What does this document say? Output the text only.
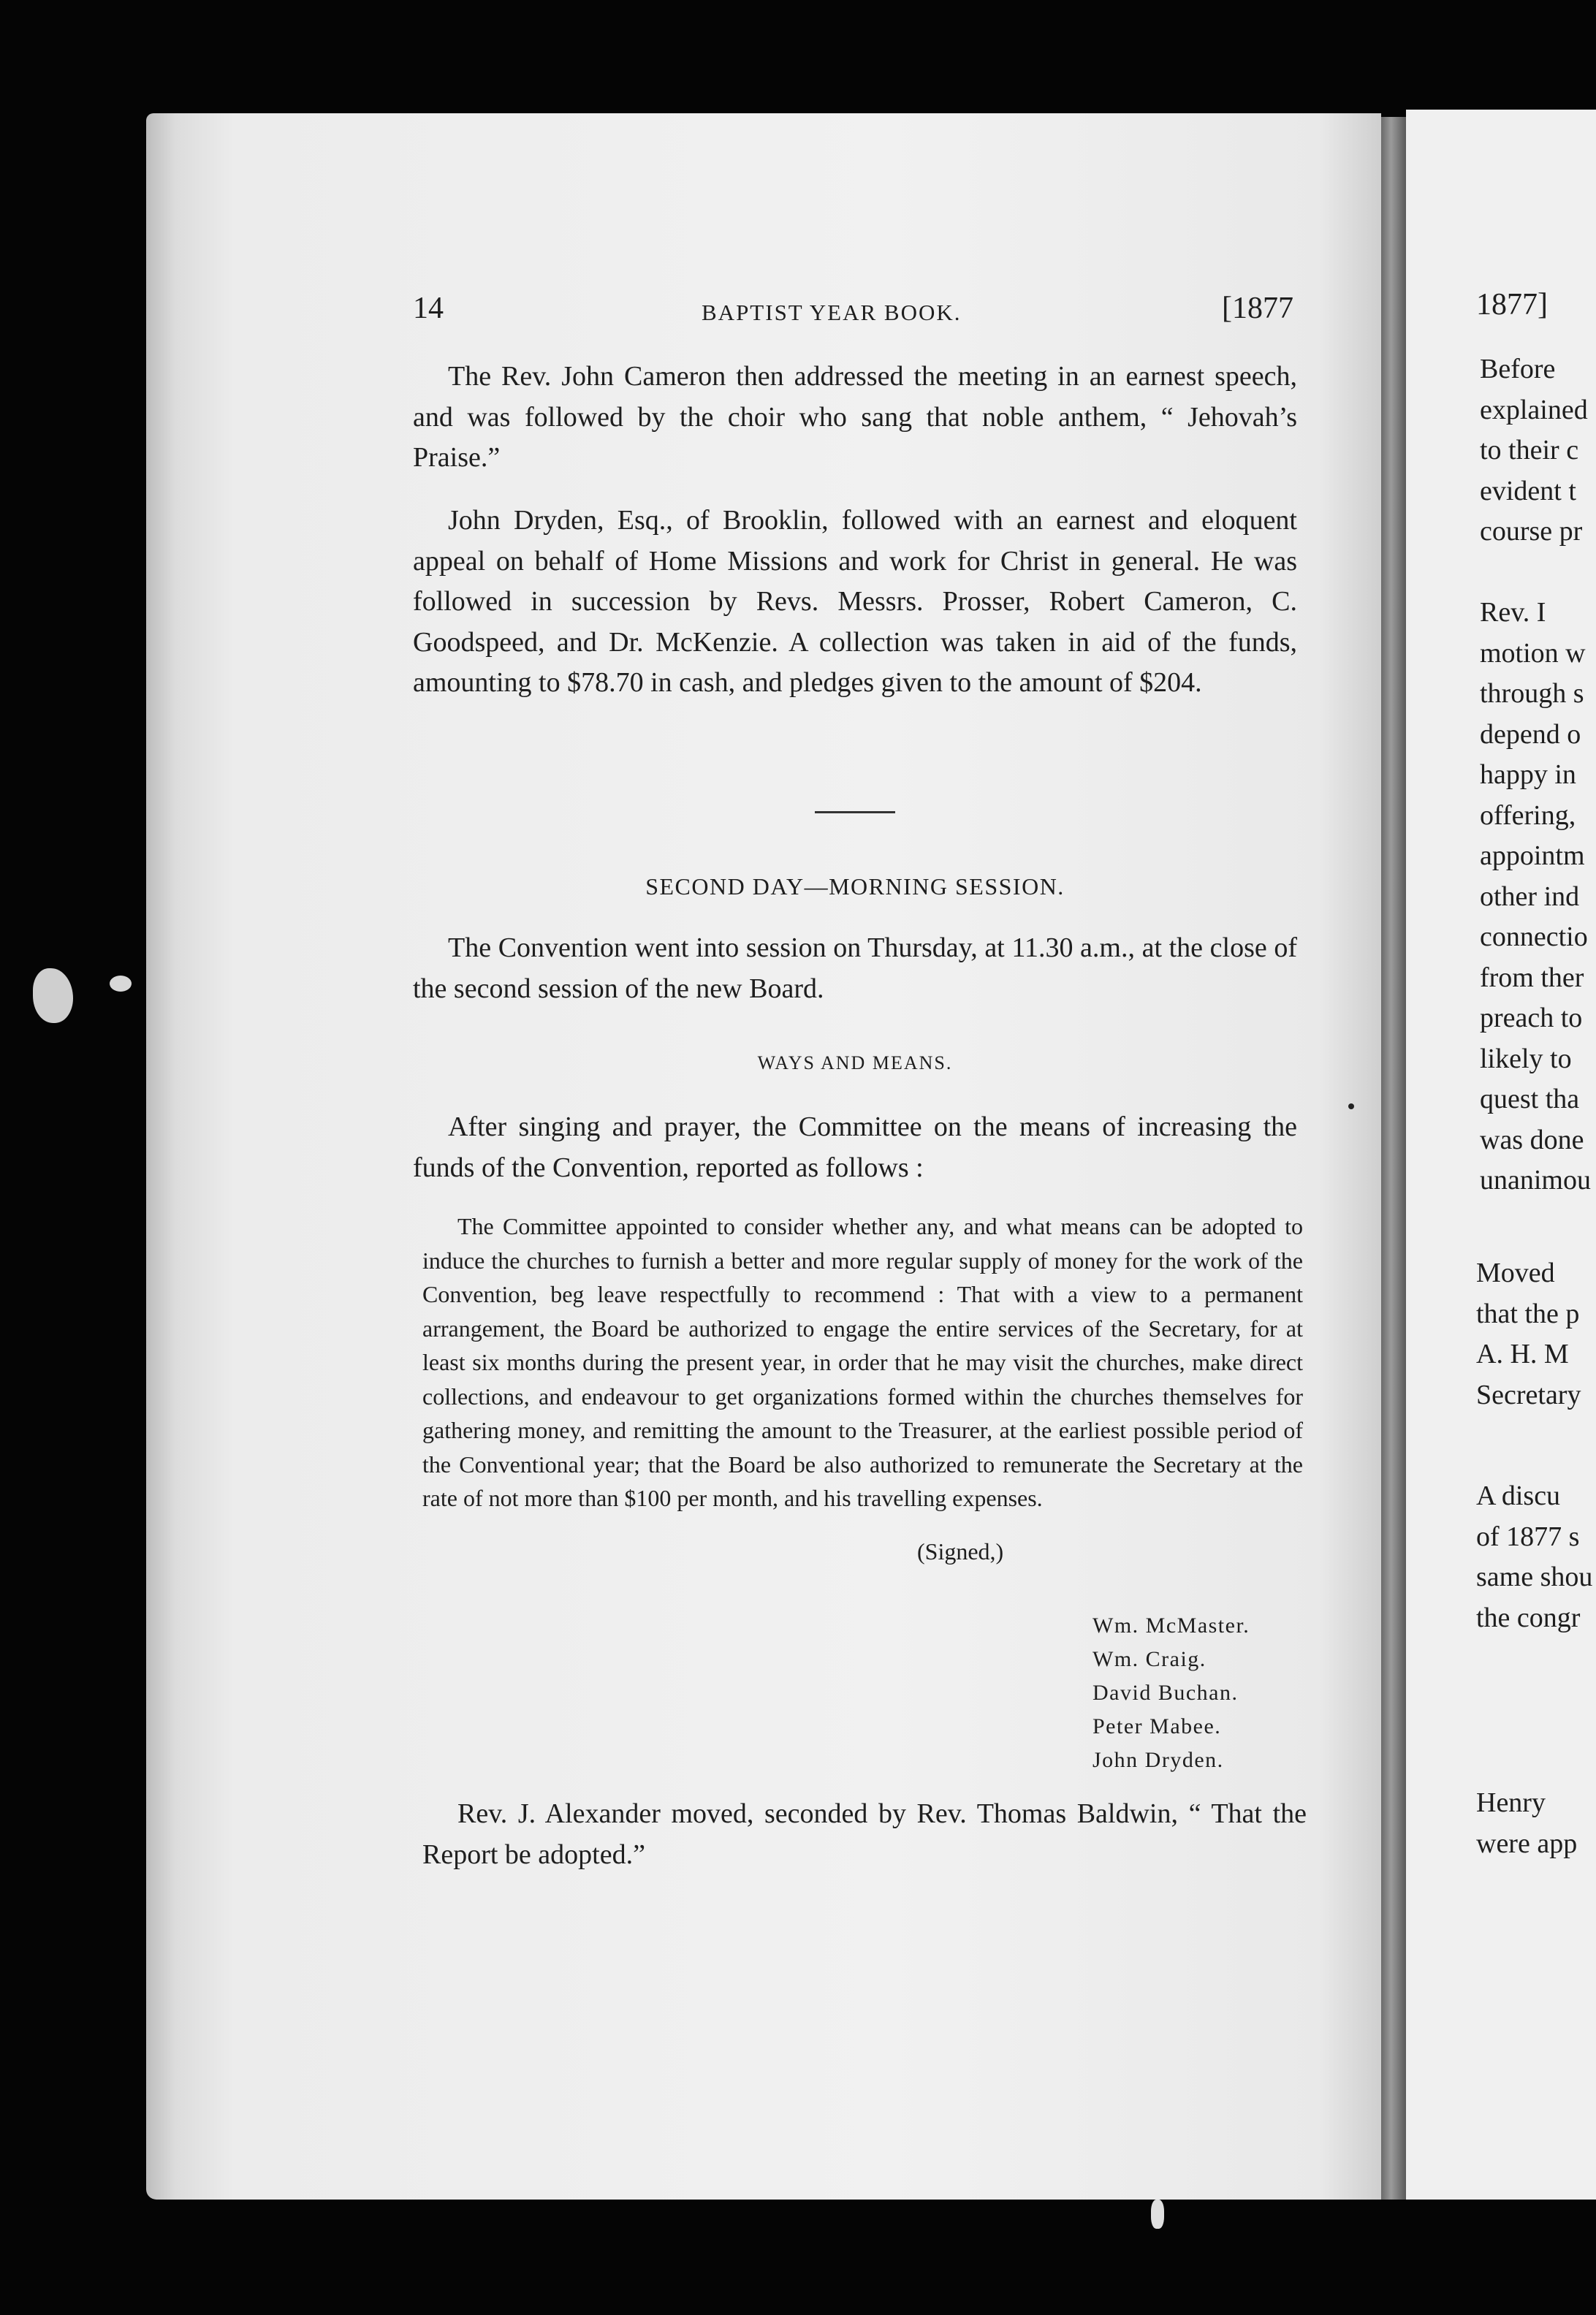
14	BAPTIST YEAR BOOK.	[1877

The Rev. John Cameron then addressed the meeting in an earnest speech, and was followed by the choir who sang that noble anthem, “ Jehovah’s Praise.”

John Dryden, Esq., of Brooklin, followed with an earnest and eloquent appeal on behalf of Home Missions and work for Christ in general. He was followed in succession by Revs. Messrs. Prosser, Robert Cameron, C. Goodspeed, and Dr. McKenzie. A collection was taken in aid of the funds, amounting to $78.70 in cash, and pledges given to the amount of $204.

SECOND DAY—MORNING SESSION.

The Convention went into session on Thursday, at 11.30 a.m., at the close of the second session of the new Board.

WAYS AND MEANS.

After singing and prayer, the Committee on the means of increasing the funds of the Convention, reported as follows :

The Committee appointed to consider whether any, and what means can be adopted to induce the churches to furnish a better and more regular supply of money for the work of the Convention, beg leave respectfully to recommend : That with a view to a permanent arrangement, the Board be authorized to engage the entire services of the Secretary, for at least six months during the present year, in order that he may visit the churches, make direct collections, and endeavour to get organizations formed within the churches themselves for gathering money, and remitting the amount to the Treasurer, at the earliest possible period of the Conventional year; that the Board be also authorized to remunerate the Secretary at the rate of not more than $100 per month, and his travelling expenses.

(Signed,)
Wm. McMaster.
Wm. Craig.
David Buchan.
Peter Mabee.
John Dryden.

Rev. J. Alexander moved, seconded by Rev. Thomas Baldwin, “ That the Report be adopted.”

1877]
Before
explained
to their c
evident t
course pr
Rev. I
motion w
through s
depend o
happy in
offering,
appointm
other ind
connectio
from ther
preach to
likely to
quest tha
was done
unanimou
Moved
that the p
A. H. M
Secretary
A discu
of 1877 s
same shou
the congr
Henry
were app
